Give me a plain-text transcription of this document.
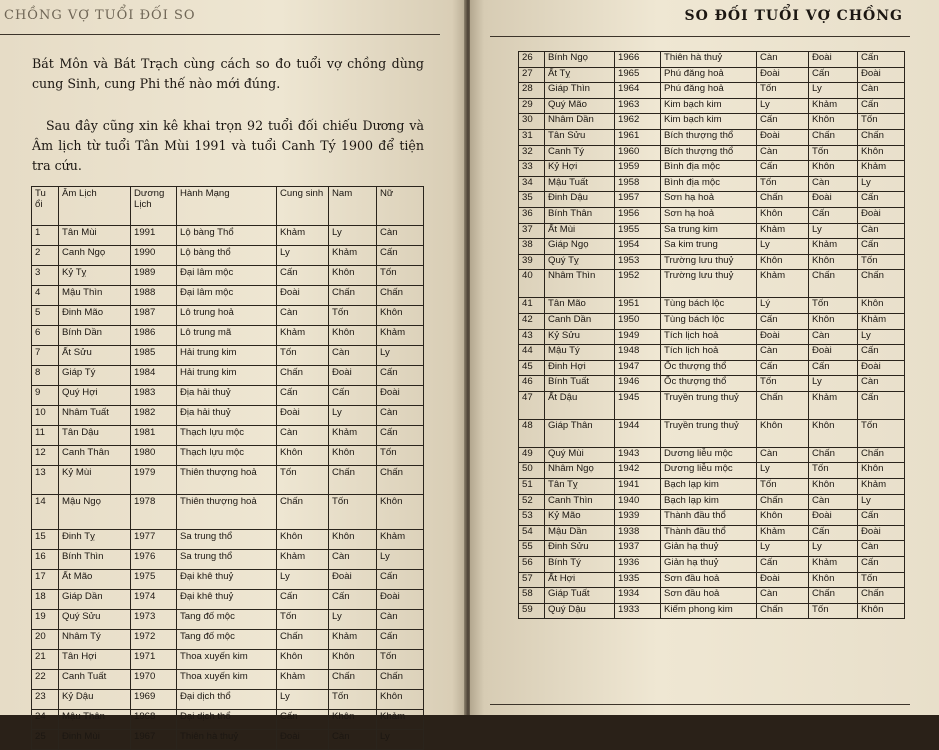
CHỒNG VỢ TUỔI ĐỐI SO

Bát Môn và Bát Trạch cùng cách so đo tuổi vợ chồng dùng cung Sinh, cung Phi thế nào mới đúng.

Sau đây cũng xin kê khai trọn 92 tuổi đối chiếu Dương và Âm lịch từ tuổi Tân Mùi 1991 và tuổi Canh Tý 1900 để tiện tra cứu.

Tu ổi	Âm Lịch	Dương Lịch	Hành Mạng	Cung sinh	Nam	Nữ
1	Tân Mùi	1991	Lộ bàng Thổ	Khảm	Ly	Càn
2	Canh Ngọ	1990	Lộ bàng thổ	Ly	Khảm	Cấn
3	Kỷ Tỵ	1989	Đại lâm mộc	Cấn	Khôn	Tốn
4	Mậu Thìn	1988	Đại lâm mộc	Đoài	Chấn	Chấn
5	Đinh Mão	1987	Lô trung hoả	Càn	Tốn	Khôn
6	Bính Dần	1986	Lô trung mã	Khảm	Khôn	Khảm
7	Ất Sửu	1985	Hải trung kim	Tốn	Càn	Ly
8	Giáp Tý	1984	Hải trung kim	Chấn	Đoài	Cấn
9	Quý Hợi	1983	Địa hải thuỷ	Cấn	Cấn	Đoài
10	Nhâm Tuất	1982	Địa hải thuỷ	Đoài	Ly	Càn
11	Tân Dậu	1981	Thạch lựu mộc	Càn	Khảm	Cấn
12	Canh Thân	1980	Thạch lựu mộc	Khôn	Khôn	Tốn
13	Kỷ Mùi	1979	Thiên thượng hoả	Tốn	Chấn	Chấn
14	Mậu Ngọ	1978	Thiên thượng hoả	Chấn	Tốn	Khôn
15	Đinh Tỵ	1977	Sa trung thổ	Khôn	Khôn	Khảm
16	Bính Thìn	1976	Sa trung thổ	Khảm	Càn	Ly
17	Ất Mão	1975	Đại khê thuỷ	Ly	Đoài	Cấn
18	Giáp Dần	1974	Đại khê thuỷ	Cấn	Cấn	Đoài
19	Quý Sửu	1973	Tang đố mộc	Tốn	Ly	Càn
20	Nhâm Tý	1972	Tang đố mộc	Chấn	Khảm	Cấn
21	Tân Hợi	1971	Thoa xuyến kim	Khôn	Khôn	Tốn
22	Canh Tuất	1970	Thoa xuyến kim	Khảm	Chấn	Chấn
23	Kỷ Dậu	1969	Đại dịch thổ	Ly	Tốn	Khôn
24	Mậu Thân	1968	Đại dịch thổ	Cấn	Khôn	Khảm
25	Đinh Mùi	1967	Thiên hà thuỷ	Đoài	Càn	Ly
SO ĐỐI TUỔI VỢ CHỒNG
26	Bính Ngọ	1966	Thiên hà thuỷ	Càn	Đoài	Cấn
27	Ất Tỵ	1965	Phú đăng hoả	Đoài	Cấn	Đoài
28	Giáp Thìn	1964	Phú đăng hoả	Tốn	Ly	Càn
29	Quý Mão	1963	Kim bạch kim	Ly	Khảm	Cấn
30	Nhâm Dần	1962	Kim bạch kim	Cấn	Khôn	Tốn
31	Tân Sửu	1961	Bích thượng thổ	Đoài	Chấn	Chấn
32	Canh Tý	1960	Bích thượng thổ	Càn	Tốn	Khôn
33	Kỷ Hợi	1959	Bình địa mộc	Cấn	Khôn	Khảm
34	Mậu Tuất	1958	Bình địa mộc	Tốn	Càn	Ly
35	Đinh Dậu	1957	Sơn hạ hoả	Chấn	Đoài	Cấn
36	Bính Thân	1956	Sơn hạ hoả	Khôn	Cấn	Đoài
37	Ất Mùi	1955	Sa trung kim	Khảm	Ly	Càn
38	Giáp Ngọ	1954	Sa kim trung	Ly	Khảm	Cấn
39	Quý Tỵ	1953	Trường lưu thuỷ	Khôn	Khôn	Tốn
40	Nhâm Thìn	1952	Trường lưu thuỷ	Khảm	Chấn	Chấn
41	Tân Mão	1951	Tùng bách lộc	Lý	Tốn	Khôn
42	Canh Dần	1950	Tùng bách lộc	Cấn	Khôn	Khảm
43	Kỷ Sửu	1949	Tích lịch hoả	Đoài	Càn	Ly
44	Mậu Tý	1948	Tích lịch hoả	Càn	Đoài	Cấn
45	Đinh Hợi	1947	Ốc thượng thổ	Cấn	Cấn	Đoài
46	Bính Tuất	1946	Ốc thượng thổ	Tốn	Ly	Càn
47	Ất Dậu	1945	Truyền trung thuỷ	Chấn	Khảm	Cấn
48	Giáp Thân	1944	Truyền trung thuỷ	Khôn	Khôn	Tốn
49	Quý Mùi	1943	Dương liễu mộc	Càn	Chấn	Chấn
50	Nhâm Ngọ	1942	Dương liễu mộc	Ly	Tốn	Khôn
51	Tân Tỵ	1941	Bạch lạp kim	Tốn	Khôn	Khảm
52	Canh Thìn	1940	Bạch lạp kim	Chấn	Càn	Ly
53	Kỷ Mão	1939	Thành đầu thổ	Khôn	Đoài	Cấn
54	Mậu Dần	1938	Thành đầu thổ	Khảm	Cấn	Đoài
55	Đinh Sửu	1937	Giản hạ thuỷ	Ly	Ly	Càn
56	Bính Tý	1936	Giản hạ thuỷ	Cấn	Khảm	Cấn
57	Ất Hợi	1935	Sơn đầu hoả	Đoài	Khôn	Tốn
58	Giáp Tuất	1934	Sơn đầu hoả	Càn	Chấn	Chấn
59	Quý Dậu	1933	Kiếm phong kim	Chấn	Tốn	Khôn
